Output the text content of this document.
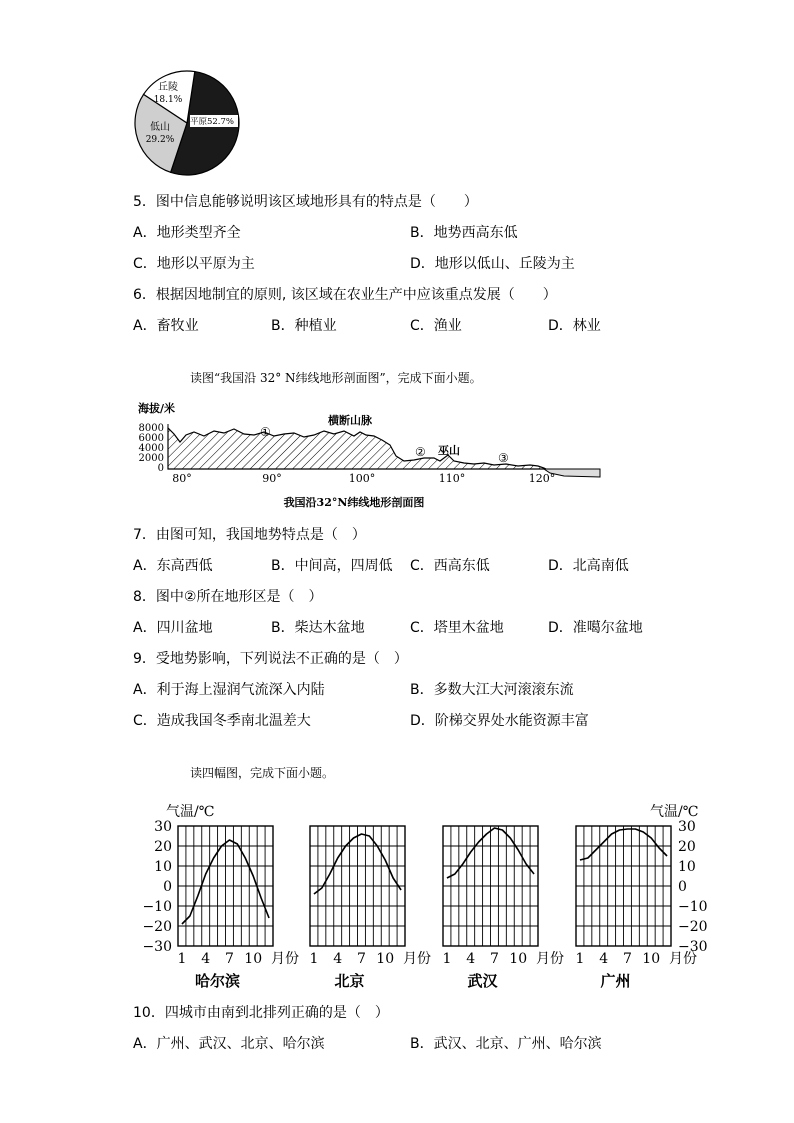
平原52.7%
低山
29.2%
丘陵
18.1%
5．图中信息能够说明该区域地形具有的特点是（　　）
A．地形类型齐全	B．地势西高东低
C．地形以平原为主	D．地形以低山、丘陵为主
6．根据因地制宜的原则, 该区域在农业生产中应该重点发展（　　）
A．畜牧业	B．种植业	C．渔业	D．林业
读图“我国沿 32° N纬线地形剖面图”，完成下面小题。
海拔/米
8000
6000
4000
2000
0
横断山脉
①
② 巫山
③
80°	90°	100°	110°	120°
我国沿32°N纬线地形剖面图
7．由图可知，我国地势特点是（　）
A．东高西低	B．中间高，四周低 C．西高东低	D．北高南低
8．图中②所在地形区是（　）
A．四川盆地	B．柴达木盆地	C．塔里木盆地	D．准噶尔盆地
9．受地势影响，下列说法不正确的是（　）
A．利于海上湿润气流深入内陆	B．多数大江大河滚滚东流
C．造成我国冬季南北温差大	D．阶梯交界处水能资源丰富
读四幅图，完成下面小题。
气温/℃	气温/℃
30
20
10
0
−10
−20
−30
30
20
10
0
−10
−20
−30
1 4 7 10 月份
哈尔滨
1 4 7 10 月份
北京
1 4 7 10 月份
武汉
1 4 7 10 月份
广州
10．四城市由南到北排列正确的是（　）
A．广州、武汉、北京、哈尔滨	B．武汉、北京、广州、哈尔滨
